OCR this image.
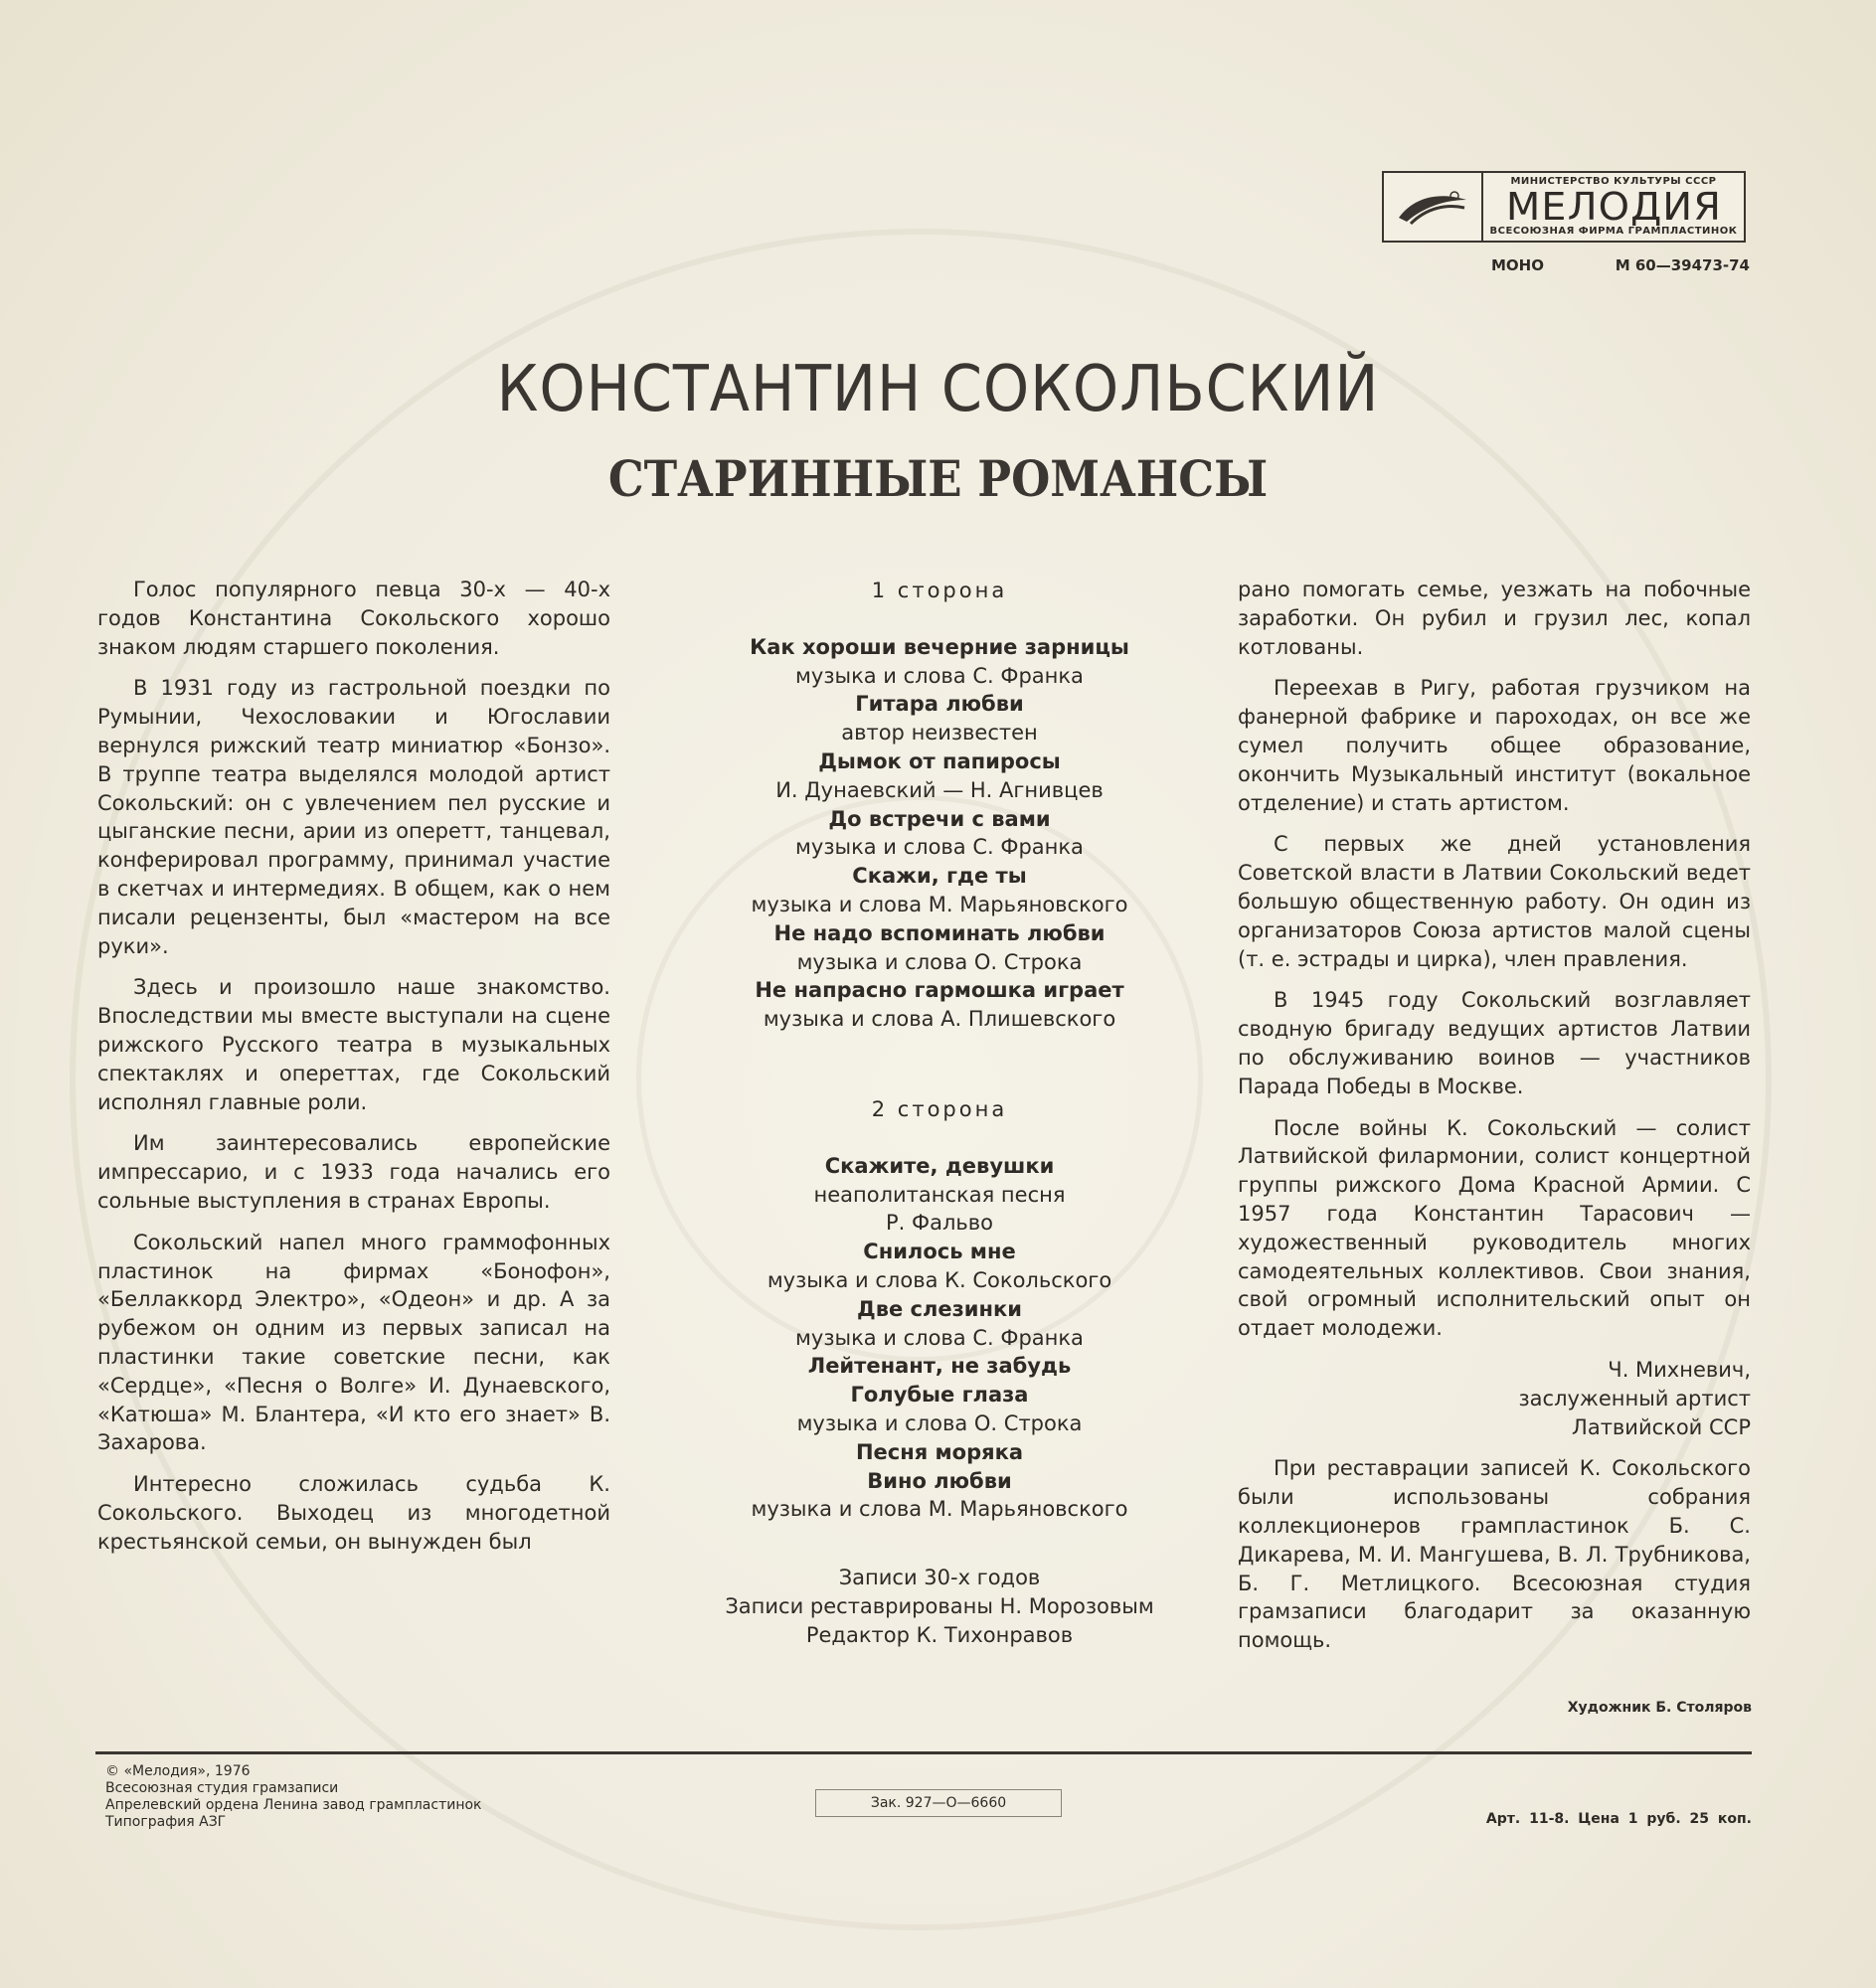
МИНИСТЕРСТВО КУЛЬТУРЫ СССР
МЕЛОДИЯ
ВСЕСОЮЗНАЯ ФИРМА ГРАМПЛАСТИНОК
МОНО	М 60—39473-74
КОНСТАНТИН СОКОЛЬСКИЙ
СТАРИННЫЕ РОМАНСЫ

Голос популярного певца 30-х — 40-х годов Константина Сокольского хорошо знаком людям старшего поколения.

В 1931 году из гастрольной поездки по Румынии, Чехословакии и Югославии вернулся рижский театр миниатюр «Бонзо». В труппе театра выделялся молодой артист Сокольский: он с увлечением пел русские и цыганские песни, арии из оперетт, танцевал, конферировал программу, принимал участие в скетчах и интермедиях. В общем, как о нем писали рецензенты, был «мастером на все руки».

Здесь и произошло наше знакомство. Впоследствии мы вместе выступали на сцене рижского Русского театра в музыкальных спектаклях и опереттах, где Сокольский исполнял главные роли.

Им заинтересовались европейские импрессарио, и с 1933 года начались его сольные выступления в странах Европы.

Сокольский напел много граммофонных пластинок на фирмах «Бонофон», «Беллаккорд Электро», «Одеон» и др. А за рубежом он одним из первых записал на пластинки такие советские песни, как «Сердце», «Песня о Волге» И. Дунаевского, «Катюша» М. Блантера, «И кто его знает» В. Захарова.

Интересно сложилась судьба К. Сокольского. Выходец из многодетной крестьянской семьи, он вынужден был

1 сторона
Как хороши вечерние зарницы
музыка и слова С. Франка
Гитара любви
автор неизвестен
Дымок от папиросы
И. Дунаевский — Н. Агнивцев
До встречи с вами
музыка и слова С. Франка
Скажи, где ты
музыка и слова М. Марьяновского
Не надо вспоминать любви
музыка и слова О. Строка
Не напрасно гармошка играет
музыка и слова А. Плишевского
2 сторона
Скажите, девушки
неаполитанская песня
Р. Фальво
Снилось мне
музыка и слова К. Сокольского
Две слезинки
музыка и слова С. Франка
Лейтенант, не забудь
Голубые глаза
музыка и слова О. Строка
Песня моряка
Вино любви
музыка и слова М. Марьяновского
Записи 30-х годов
Записи реставрированы Н. Морозовым
Редактор К. Тихонравов

рано помогать семье, уезжать на побочные заработки. Он рубил и грузил лес, копал котлованы.

Переехав в Ригу, работая грузчиком на фанерной фабрике и пароходах, он все же сумел получить общее образование, окончить Музыкальный институт (вокальное отделение) и стать артистом.

С первых же дней установления Советской власти в Латвии Сокольский ведет большую общественную работу. Он один из организаторов Союза артистов малой сцены (т. е. эстрады и цирка), член правления.

В 1945 году Сокольский возглавляет сводную бригаду ведущих артистов Латвии по обслуживанию воинов — участников Парада Победы в Москве.

После войны К. Сокольский — солист Латвийской филармонии, солист концертной группы рижского Дома Красной Армии. С 1957 года Константин Тарасович — художественный руководитель многих самодеятельных коллективов. Свои знания, свой огромный исполнительский опыт он отдает молодежи.

Ч. Михневич,
заслуженный артист
Латвийской ССР

При реставрации записей К. Сокольского были использованы собрания коллекционеров грампластинок Б. С. Дикарева, М. И. Мангушева, В. Л. Трубникова, Б. Г. Метлицкого. Всесоюзная студия грамзаписи благодарит за оказанную помощь.

Художник Б. Столяров
© «Мелодия», 1976
Всесоюзная студия грамзаписи
Апрелевский ордена Ленина завод грампластинок
Типография АЗГ
Зак. 927—О—6660
Арт. 11-8. Цена 1 руб. 25 коп.
